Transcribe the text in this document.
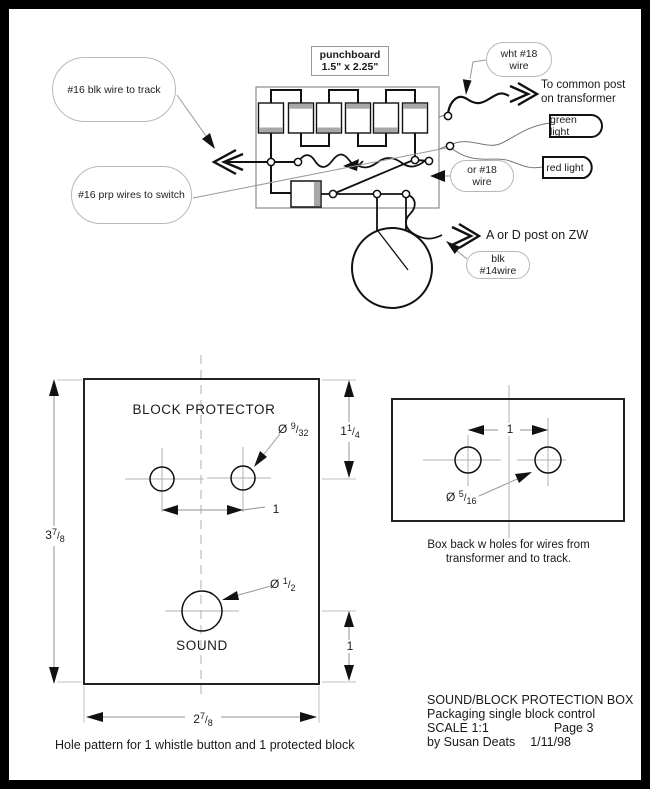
punchboard
1.5" x 2.25"
#16 blk wire to track
#16 prp wires to switch
wht #18 wire
or #18 wire
blk #14wire
To common post
on transformer
green light
red light
A or D post on ZW
BLOCK PROTECTOR
SOUND
Hole pattern for 1 whistle button and 1 protected block
$3^7/$ $_8$
$2^7/$ $_8$
$1^1/$ $_4$
1
1
Ø $^9$/ $_{32}$
Ø $^1$/ $_2$
1
Ø $^5$/ $_{16}$
Box back w holes for wires from
transformer and to track.
SOUND/BLOCK PROTECTION BOX
Packaging single block control
SCALE 1:1	Page 3
by Susan Deats 1/11/98
